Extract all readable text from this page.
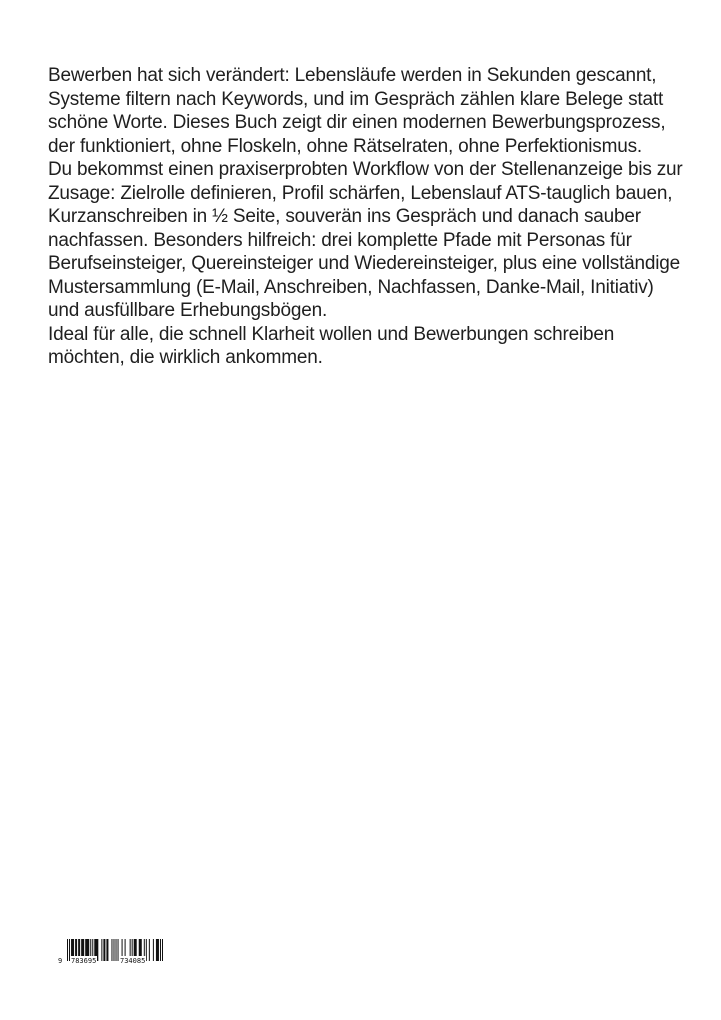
Bewerben hat sich verändert: Lebensläufe werden in Sekunden gescannt, Systeme filtern nach Keywords, und im Gespräch zählen klare Belege statt schöne Worte. Dieses Buch zeigt dir einen modernen Bewerbungsprozess, der funktioniert, ohne Floskeln, ohne Rätselraten, ohne Perfektionismus.

Du bekommst einen praxiserprobten Workflow von der Stellenanzeige bis zur Zusage: Zielrolle definieren, Profil schärfen, Lebenslauf ATS-tauglich bauen, Kurzanschreiben in ½ Seite, souverän ins Gespräch und danach sauber nachfassen. Besonders hilfreich: drei komplette Pfade mit Personas für Berufseinsteiger, Quereinsteiger und Wiedereinsteiger, plus eine vollständige Mustersammlung (E-Mail, Anschreiben, Nachfassen, Danke-Mail, Initiativ) und ausfüllbare Erhebungsbögen.

Ideal für alle, die schnell Klarheit wollen und Bewerbungen schreiben möchten, die wirklich ankommen.

9 783695	734085
